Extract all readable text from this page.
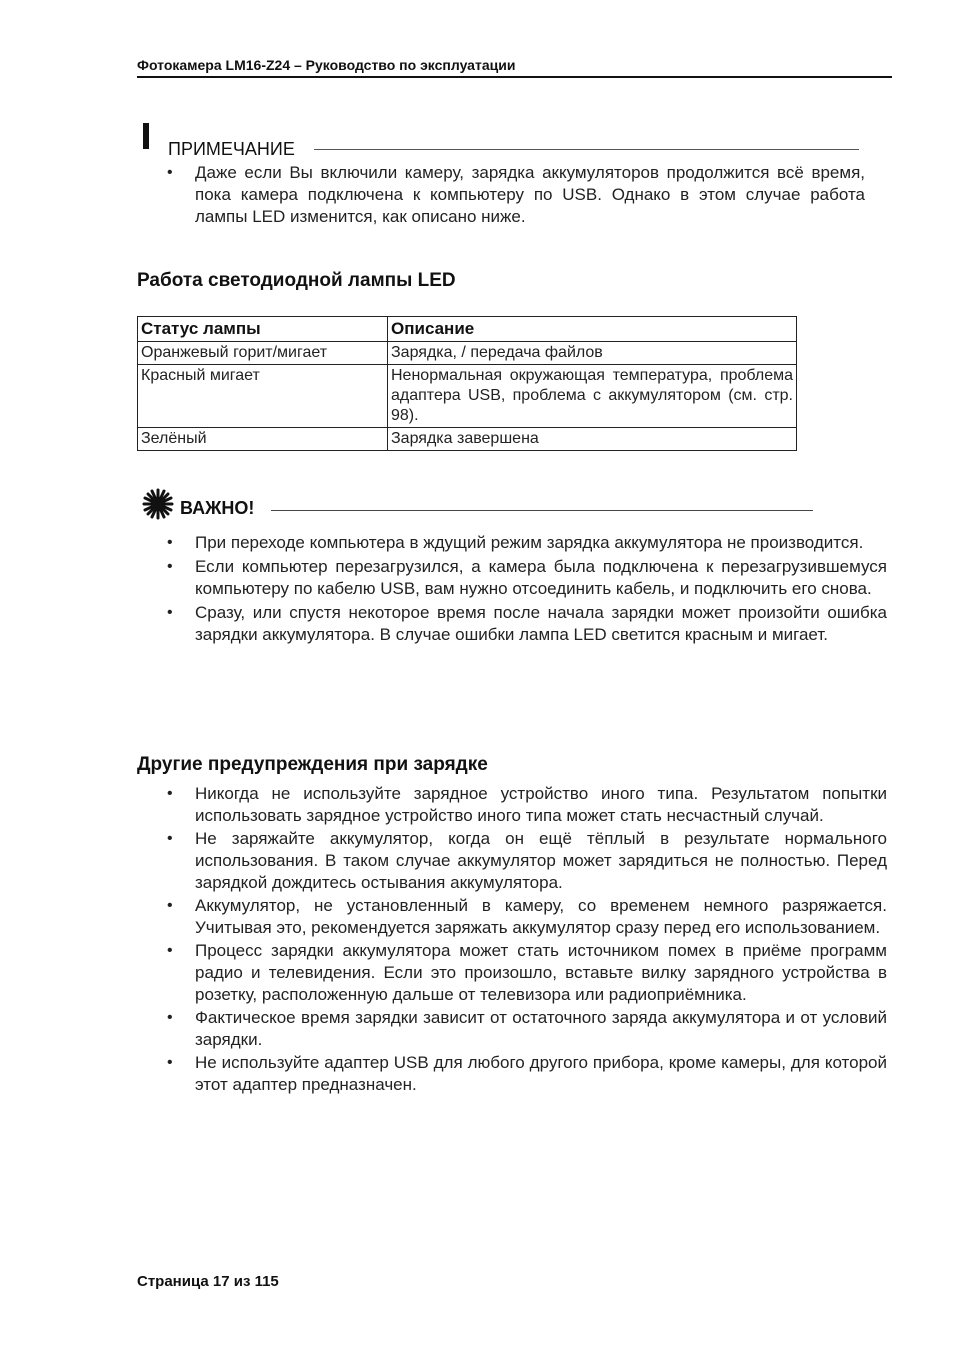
Фотокамера LM16-Z24 – Руководство по эксплуатации
ПРИМЕЧАНИЕ
• Даже если Вы включили камеру, зарядка аккумуляторов продолжится всё время, пока камера подключена к компьютеру по USB. Однако в этом случае работа лампы LED изменится, как описано ниже.
Работа светодиодной лампы LED
Статус лампы	Описание
Оранжевый горит/мигает	Зарядка, / передача файлов
Красный мигает	Ненормальная окружающая температура, проблема адаптера USB, проблема с аккумулятором (см. стр. 98).
Зелёный	Зарядка завершена
ВАЖНО!
• При переходе компьютера в ждущий режим зарядка аккумулятора не производится.
• Если компьютер перезагрузился, а камера была подключена к перезагрузившемуся компьютеру по кабелю USB, вам нужно отсоединить кабель, и подключить его снова.
• Сразу, или спустя некоторое время после начала зарядки может произойти ошибка зарядки аккумулятора. В случае ошибки лампа LED светится красным и мигает.
Другие предупреждения при зарядке
• Никогда не используйте зарядное устройство иного типа. Результатом попытки использовать зарядное устройство иного типа может стать несчастный случай.
• Не заряжайте аккумулятор, когда он ещё тёплый в результате нормального использования. В таком случае аккумулятор может зарядиться не полностью. Перед зарядкой дождитесь остывания аккумулятора.
• Аккумулятор, не установленный в камеру, со временем немного разряжается. Учитывая это, рекомендуется заряжать аккумулятор сразу перед его использованием.
• Процесс зарядки аккумулятора может стать источником помех в приёме программ радио и телевидения. Если это произошло, вставьте вилку зарядного устройства в розетку, расположенную дальше от телевизора или радиоприёмника.
• Фактическое время зарядки зависит от остаточного заряда аккумулятора и от условий зарядки.
• Не используйте адаптер USB для любого другого прибора, кроме камеры, для которой этот адаптер предназначен.
Страница 17 из 115
